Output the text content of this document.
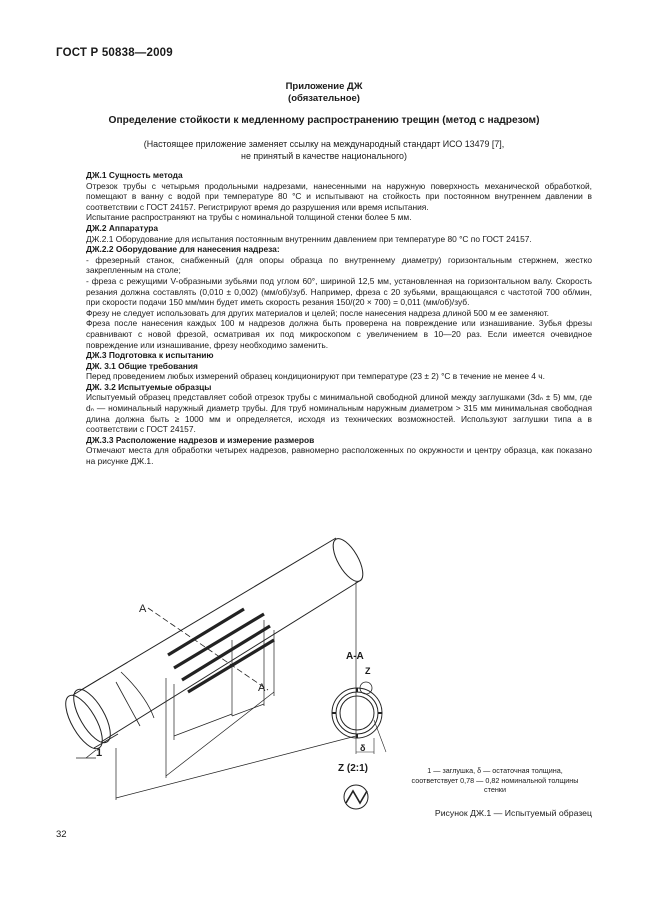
ГОСТ Р 50838—2009
Приложение ДЖ
(обязательное)
Определение стойкости к медленному распространению трещин (метод с надрезом)
(Настоящее приложение заменяет ссылку на международный стандарт ИСО 13479 [7],
не принятый в качестве национального)

ДЖ.1 Сущность метода

Отрезок трубы с четырьмя продольными надрезами, нанесенными на наружную поверхность механической обработкой, помещают в ванну с водой при температуре 80 °С и испытывают на стойкость при постоянном внутреннем давлении в соответствии с ГОСТ 24157. Регистрируют время до разрушения или время испытания.

Испытание распространяют на трубы с номинальной толщиной стенки более 5 мм.

ДЖ.2 Аппаратура

ДЖ.2.1 Оборудование для испытания постоянным внутренним давлением при температуре 80 °С по ГОСТ 24157.

ДЖ.2.2 Оборудование для нанесения надреза:

- фрезерный станок, снабженный (для опоры образца по внутреннему диаметру) горизонтальным стержнем, жестко закрепленным на столе;

- фреза с режущими V-образными зубьями под углом 60°, шириной 12,5 мм, установленная на горизонтальном валу. Скорость резания должна составлять (0,010 ± 0,002) (мм/об)/зуб. Например, фреза с 20 зубьями, вращающаяся с частотой 700 об/мин, при скорости подачи 150 мм/мин будет иметь скорость резания 150/(20 × 700) = 0,011 (мм/об)/зуб.

Фрезу не следует использовать для других материалов и целей; после нанесения надреза длиной 500 м ее заменяют.

Фреза после нанесения каждых 100 м надрезов должна быть проверена на повреждение или изнашивание. Зубья фрезы сравнивают с новой фрезой, осматривая их под микроскопом с увеличением в 10—20 раз. Если имеется очевидное повреждение или изнашивание, фрезу необходимо заменить.

ДЖ.3 Подготовка к испытанию

ДЖ. 3.1 Общие требования

Перед проведением любых измерений образец кондиционируют при температуре (23 ± 2) °С в течение не менее 4 ч.

ДЖ. 3.2 Испытуемые образцы

Испытуемый образец представляет собой отрезок трубы с минимальной свободной длиной между заглушками (3dₙ ± 5) мм, где dₙ — номинальный наружный диаметр трубы. Для труб номинальным наружным диаметром > 315 мм минимальная свободная длина должна быть ≥ 1000 мм и определяется, исходя из технических возможностей. Используют заглушки типа а в соответствии с ГОСТ 24157.

ДЖ.3.3 Расположение надрезов и измерение размеров

Отмечают места для обработки четырех надрезов, равномерно расположенных по окружности и центру образца, как показано на рисунке ДЖ.1.

A
A
1	δ
A-A
Z
Z (2:1)	1 — заглушка, δ — остаточная толщина,
соответствует 0,78 — 0,82 номинальной толщины стенки
Рисунок ДЖ.1 — Испытуемый образец
32
